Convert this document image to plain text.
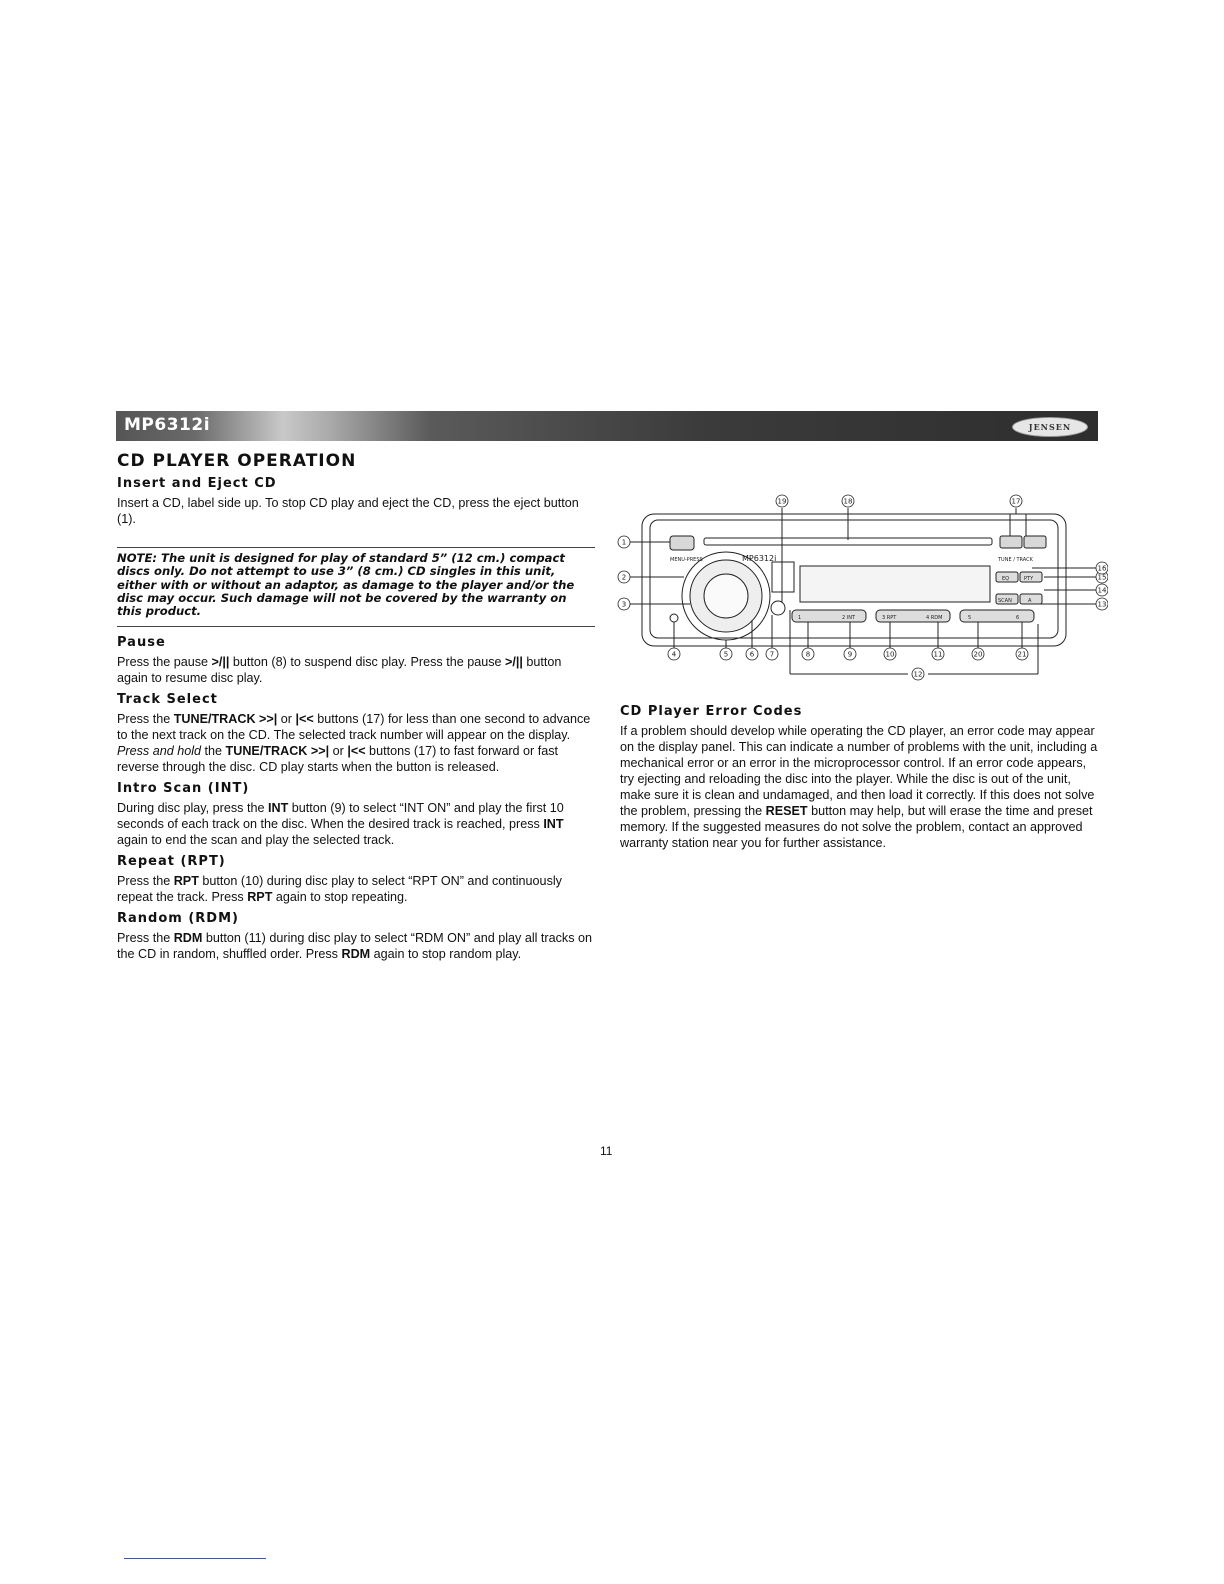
MP6312i	JENSEN
CD PLAYER OPERATION
Insert and Eject CD

Insert a CD, label side up. To stop CD play and eject the CD, press the eject button (1).

NOTE: The unit is designed for play of standard 5” (12 cm.) compact discs only. Do not attempt to use 3” (8 cm.) CD singles in this unit, either with or without an adaptor, as damage to the player and/or the disc may occur. Such damage will not be covered by the warranty on this product.
Pause

Press the pause >/|| button (8) to suspend disc play. Press the pause >/|| button again to resume disc play.

Track Select

Press the TUNE/TRACK >>| or |<< buttons (17) for less than one second to advance to the next track on the CD. The selected track number will appear on the display. Press and hold the TUNE/TRACK >>| or |<< buttons (17) to fast forward or fast reverse through the disc. CD play starts when the button is released.

Intro Scan (INT)

During disc play, press the INT button (9) to select “INT ON” and play the first 10 seconds of each track on the disc. When the desired track is reached, press INT again to end the scan and play the selected track.

Repeat (RPT)

Press the RPT button (10) during disc play to select “RPT ON” and continuously repeat the track. Press RPT again to stop repeating.

Random (RDM)

Press the RDM button (11) during disc play to select “RDM ON” and play all tracks on the CD in random, shuffled order. Press RDM again to stop random play.

1
2
3
4	5	6 7	8	9	10	11
12
13
14
15
16
17
18
19
20	21
MENU-PRESS	MP6312i	TUNE / TRACK
1	2 INT	3 RPT	4 RDM	5	6
EQ	PTY
SCAN	A
CD Player Error Codes

If a problem should develop while operating the CD player, an error code may appear on the display panel. This can indicate a number of problems with the unit, including a mechanical error or an error in the microprocessor control. If an error code appears, try ejecting and reloading the disc into the player. While the disc is out of the unit, make sure it is clean and undamaged, and then load it correctly. If this does not solve the problem, pressing the RESET button may help, but will erase the time and preset memory. If the suggested measures do not solve the problem, contact an approved warranty station near you for further assistance.

11
